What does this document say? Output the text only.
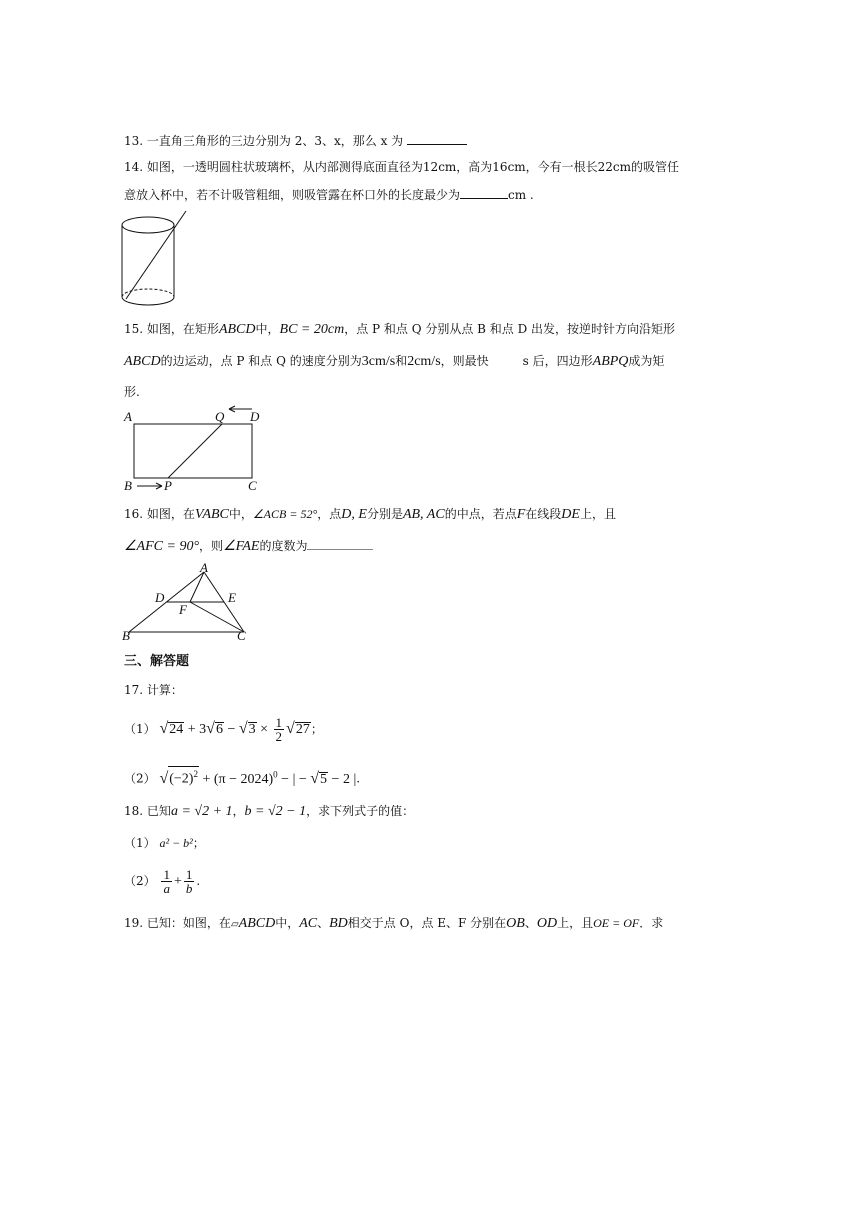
13. 一直角三角形的三边分别为 2、3、x，那么 x 为
14. 如图，一透明圆柱状玻璃杯，从内部测得底面直径为12cm，高为16cm，今有一根长22cm的吸管任
意放入杯中，若不计吸管粗细，则吸管露在杯口外的长度最少为	cm .
15. 如图，在矩形ABCD中，BC = 20cm，点 P 和点 Q 分别从点 B 和点 D 出发，按逆时针方向沿矩形
ABCD的边运动，点 P 和点 Q 的速度分别为3cm/s和2cm/s，则最快	s 后，四边形ABPQ成为矩
形.
A	Q D
B P	C
16. 如图，在VABC中，∠ACB = 52°，点D, E分别是AB, AC的中点，若点F在线段DE上，且
∠AFC = 90°，则∠FAE的度数为
A
D	E
F
B	C
三、解答题
17. 计算：
（1） $√24 + 3√6 - √3 \times \frac{1}{2} √27$；
（2） $√(-2)^2 + (\pi - 2024)^0$ − | − √5 − 2 |.
18. 已知a = √2 + 1，b = √2 − 1，求下列式子的值：
（1） a² − b²；
$(2) \frac{1}{a} + \frac{1}{b}$ .
19. 已知：如图，在▱ABCD中，AC、BD相交于点 O，点 E、F 分别在OB、OD上，且OE = OF．求
